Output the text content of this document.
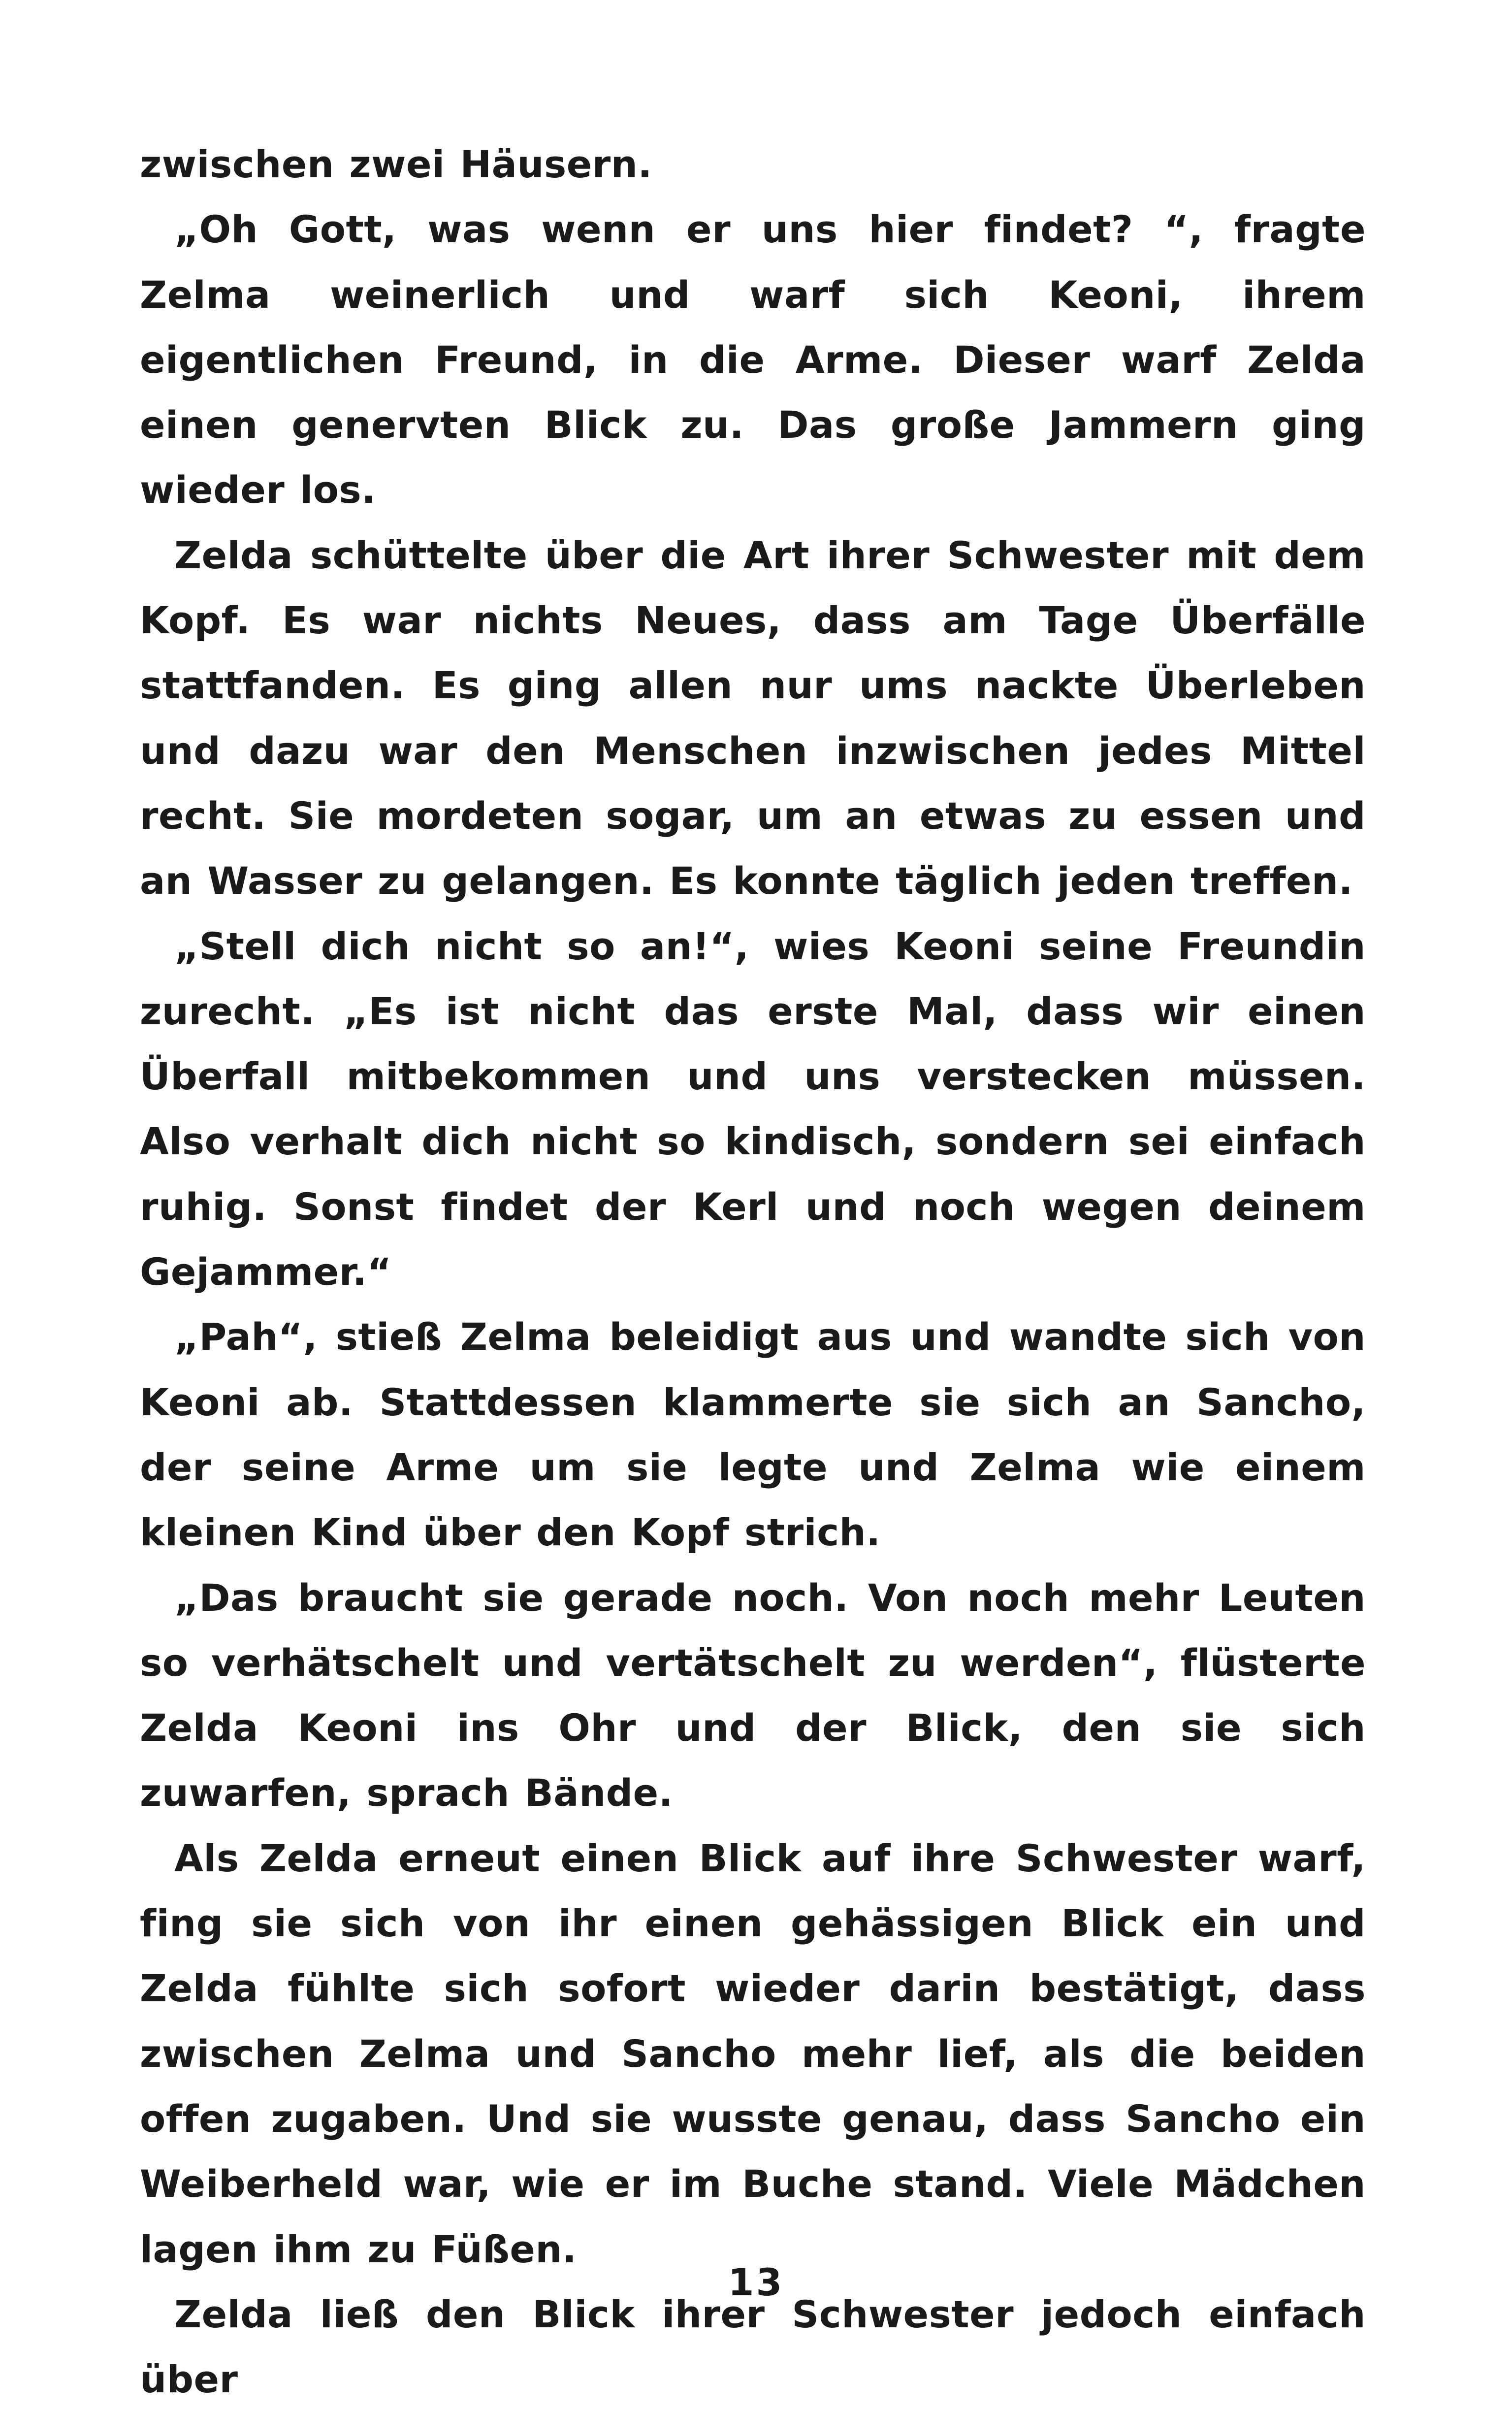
zwischen zwei Häusern.

„Oh Gott, was wenn er uns hier findet? “, fragte Zelma weinerlich und warf sich Keoni, ihrem eigentlichen Freund, in die Arme. Dieser warf Zelda einen genervten Blick zu. Das große Jammern ging wieder los.

Zelda schüttelte über die Art ihrer Schwester mit dem Kopf. Es war nichts Neues, dass am Tage Überfälle stattfanden. Es ging allen nur ums nackte Überleben und dazu war den Menschen inzwischen jedes Mittel recht. Sie mordeten sogar, um an etwas zu essen und an Wasser zu gelangen. Es konnte täglich jeden treffen.

„Stell dich nicht so an!“, wies Keoni seine Freundin zurecht. „Es ist nicht das erste Mal, dass wir einen Überfall mitbekommen und uns verstecken müssen. Also verhalt dich nicht so kindisch, sondern sei einfach ruhig. Sonst findet der Kerl und noch wegen deinem Gejammer.“

„Pah“, stieß Zelma beleidigt aus und wandte sich von Keoni ab. Stattdessen klammerte sie sich an Sancho, der seine Arme um sie legte und Zelma wie einem kleinen Kind über den Kopf strich.

„Das braucht sie gerade noch. Von noch mehr Leuten so verhätschelt und vertätschelt zu werden“, flüsterte Zelda Keoni ins Ohr und der Blick, den sie sich zuwarfen, sprach Bände.

Als Zelda erneut einen Blick auf ihre Schwester warf, fing sie sich von ihr einen gehässigen Blick ein und Zelda fühlte sich sofort wieder darin bestätigt, dass zwischen Zelma und Sancho mehr lief, als die beiden offen zugaben. Und sie wusste genau, dass Sancho ein Weiberheld war, wie er im Buche stand. Viele Mädchen lagen ihm zu Füßen.

Zelda ließ den Blick ihrer Schwester jedoch einfach über

13
